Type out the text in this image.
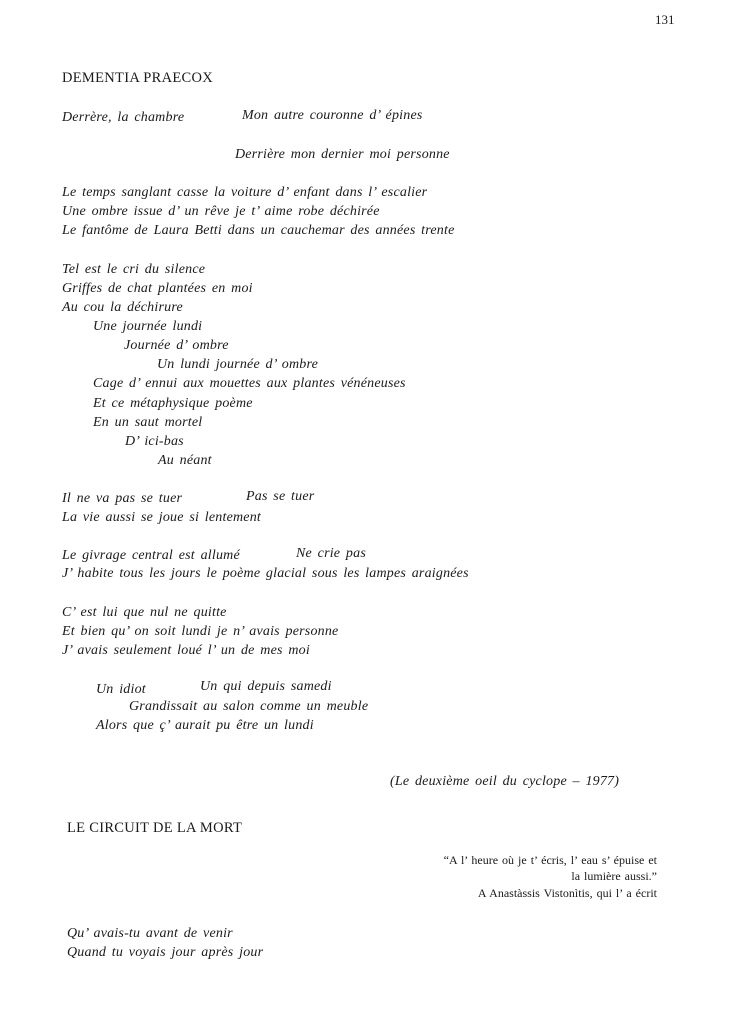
131
DEMENTIA PRAECOX
Derrère, la chambre	Mon autre couronne d’ épines
Derrière mon dernier moi personne
Le temps sanglant casse la voiture d’ enfant dans l’ escalier
Une ombre issue d’ un rêve je t’ aime robe déchirée
Le fantôme de Laura Betti dans un cauchemar des années trente
Tel est le cri du silence
Griffes de chat plantées en moi
Au cou la déchirure
Une journée lundi
Journée d’ ombre
Un lundi journée d’ ombre
Cage d’ ennui aux mouettes aux plantes vénéneuses
Et ce métaphysique poème
En un saut mortel
D’ ici-bas
Au néant
Il ne va pas se tuer	Pas se tuer
La vie aussi se joue si lentement
Le givrage central est allumé	Ne crie pas
J’ habite tous les jours le poème glacial sous les lampes araignées
C’ est lui que nul ne quitte
Et bien qu’ on soit lundi je n’ avais personne
J’ avais seulement loué l’ un de mes moi
Un idiot	Un qui depuis samedi
Grandissait au salon comme un meuble
Alors que ç’ aurait pu être un lundi
(Le deuxième oeil du cyclope – 1977)
LE CIRCUIT DE LA MORT
“A l’ heure où je t’ écris, l’ eau s’ épuise et
la lumière aussi.”
A Anastàssis Vistonìtis, qui l’ a écrit
Qu’ avais-tu avant de venir
Quand tu voyais jour après jour
